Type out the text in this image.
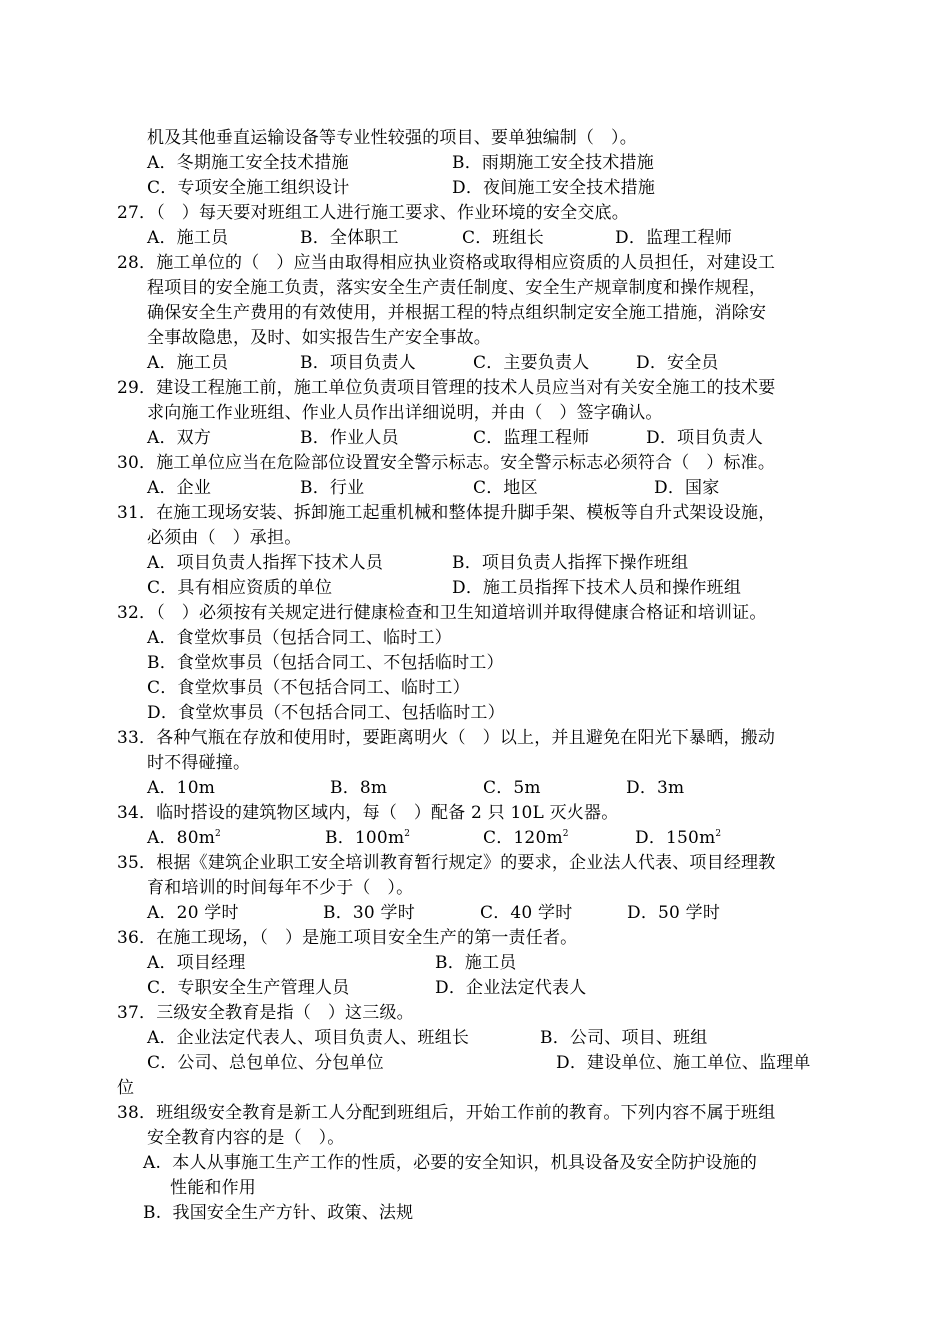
机及其他垂直运输设备等专业性较强的项目、要单独编制（   ）。
A．冬期施工安全技术措施	B．雨期施工安全技术措施
C．专项安全施工组织设计	D．夜间施工安全技术措施
27．（   ）每天要对班组工人进行施工要求、作业环境的安全交底。
A．施工员	B．全体职工	C．班组长	D．监理工程师
28．施工单位的（   ）应当由取得相应执业资格或取得相应资质的人员担任，对建设工
程项目的安全施工负责，落实安全生产责任制度、安全生产规章制度和操作规程，
确保安全生产费用的有效使用，并根据工程的特点组织制定安全施工措施，消除安
全事故隐患，及时、如实报告生产安全事故。
A．施工员	B．项目负责人	C．主要负责人	D．安全员
29．建设工程施工前，施工单位负责项目管理的技术人员应当对有关安全施工的技术要
求向施工作业班组、作业人员作出详细说明，并由（   ）签字确认。
A．双方	B．作业人员	C．监理工程师	D．项目负责人
30．施工单位应当在危险部位设置安全警示标志。安全警示标志必须符合（   ）标准。
A．企业	B．行业	C．地区	D．国家
31．在施工现场安装、拆卸施工起重机械和整体提升脚手架、模板等自升式架设设施，
必须由（   ）承担。
A．项目负责人指挥下技术人员	B．项目负责人指挥下操作班组
C．具有相应资质的单位	D．施工员指挥下技术人员和操作班组
32．（   ）必须按有关规定进行健康检查和卫生知道培训并取得健康合格证和培训证。
A．食堂炊事员（包括合同工、临时工）
B．食堂炊事员（包括合同工、不包括临时工）
C．食堂炊事员（不包括合同工、临时工）
D．食堂炊事员（不包括合同工、包括临时工）
33．各种气瓶在存放和使用时，要距离明火（   ）以上，并且避免在阳光下暴晒，搬动
时不得碰撞。
A．10m	B．8m	C．5m	D．3m
34．临时搭设的建筑物区域内，每（   ）配备 2 只 10L 灭火器。
A．$80m^2$	B．$100m^2$	C．$120m^2$	D．$150m^2$
35．根据《建筑企业职工安全培训教育暂行规定》的要求，企业法人代表、项目经理教
育和培训的时间每年不少于（   ）。
A．20 学时	B．30 学时	C．40 学时	D．50 学时
36．在施工现场，（   ）是施工项目安全生产的第一责任者。
A．项目经理	B．施工员
C．专职安全生产管理人员	D．企业法定代表人
37．三级安全教育是指（   ）这三级。
A．企业法定代表人、项目负责人、班组长	B．公司、项目、班组
C．公司、总包单位、分包单位	D．建设单位、施工单位、监理单
位
38．班组级安全教育是新工人分配到班组后，开始工作前的教育。下列内容不属于班组
安全教育内容的是（   ）。
A.  本人从事施工生产工作的性质，必要的安全知识，机具设备及安全防护设施的
性能和作用
B.  我国安全生产方针、政策、法规
